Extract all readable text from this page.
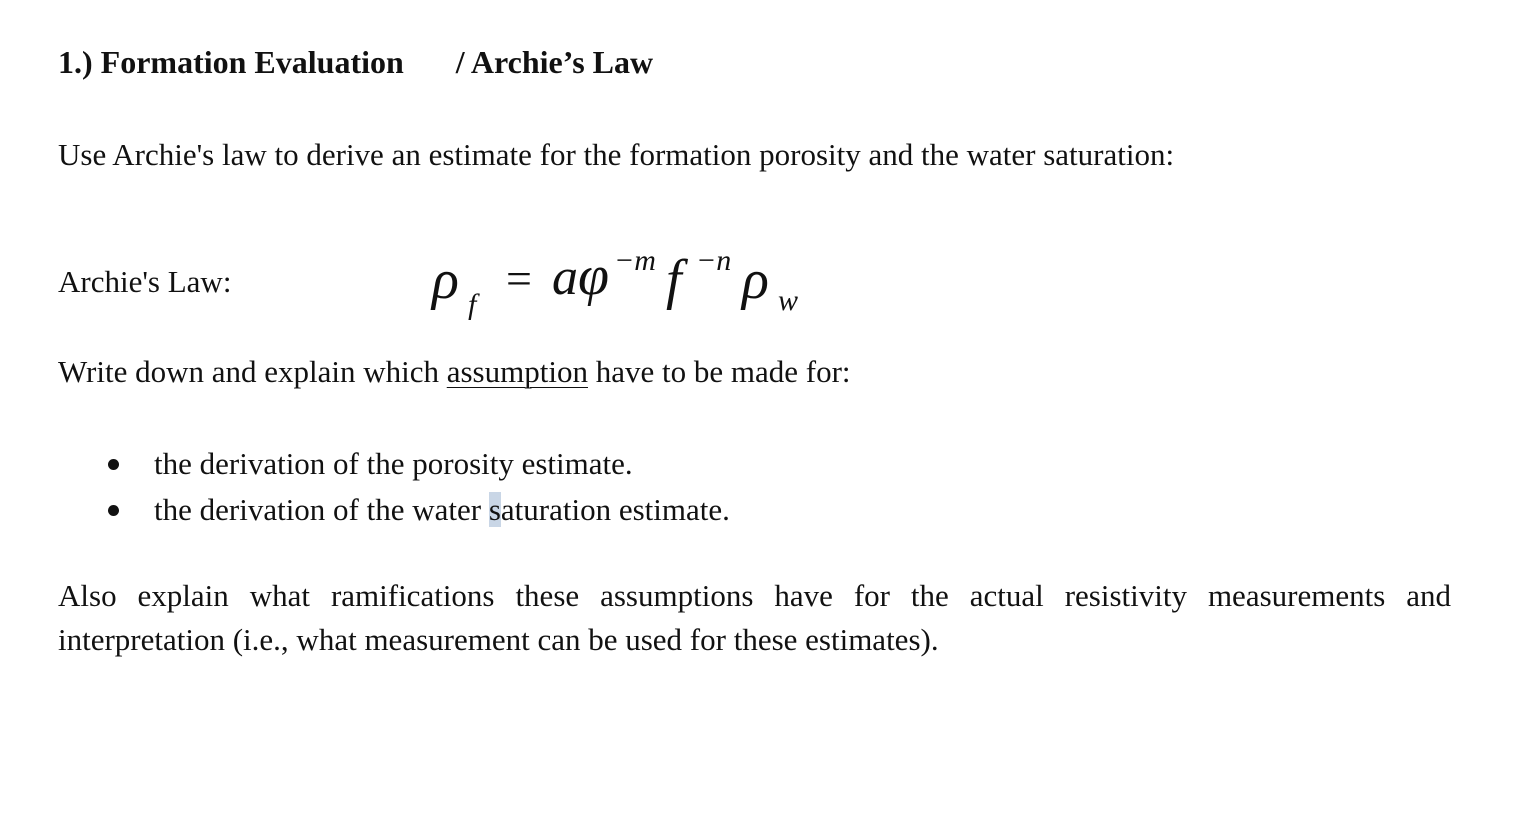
1.) Formation Evaluation / Archie’s Law
Use Archie's law to derive an estimate for the formation porosity and the water saturation:
Archie's Law:	ρ f
= a φ −m f −n ρ w
Write down and explain which assumption have to be made for:
the derivation of the porosity estimate.
the derivation of the water saturation estimate.
Also explain what ramifications these assumptions have for the actual resistivity measurements and interpretation (i.e., what measurement can be used for these estimates).
